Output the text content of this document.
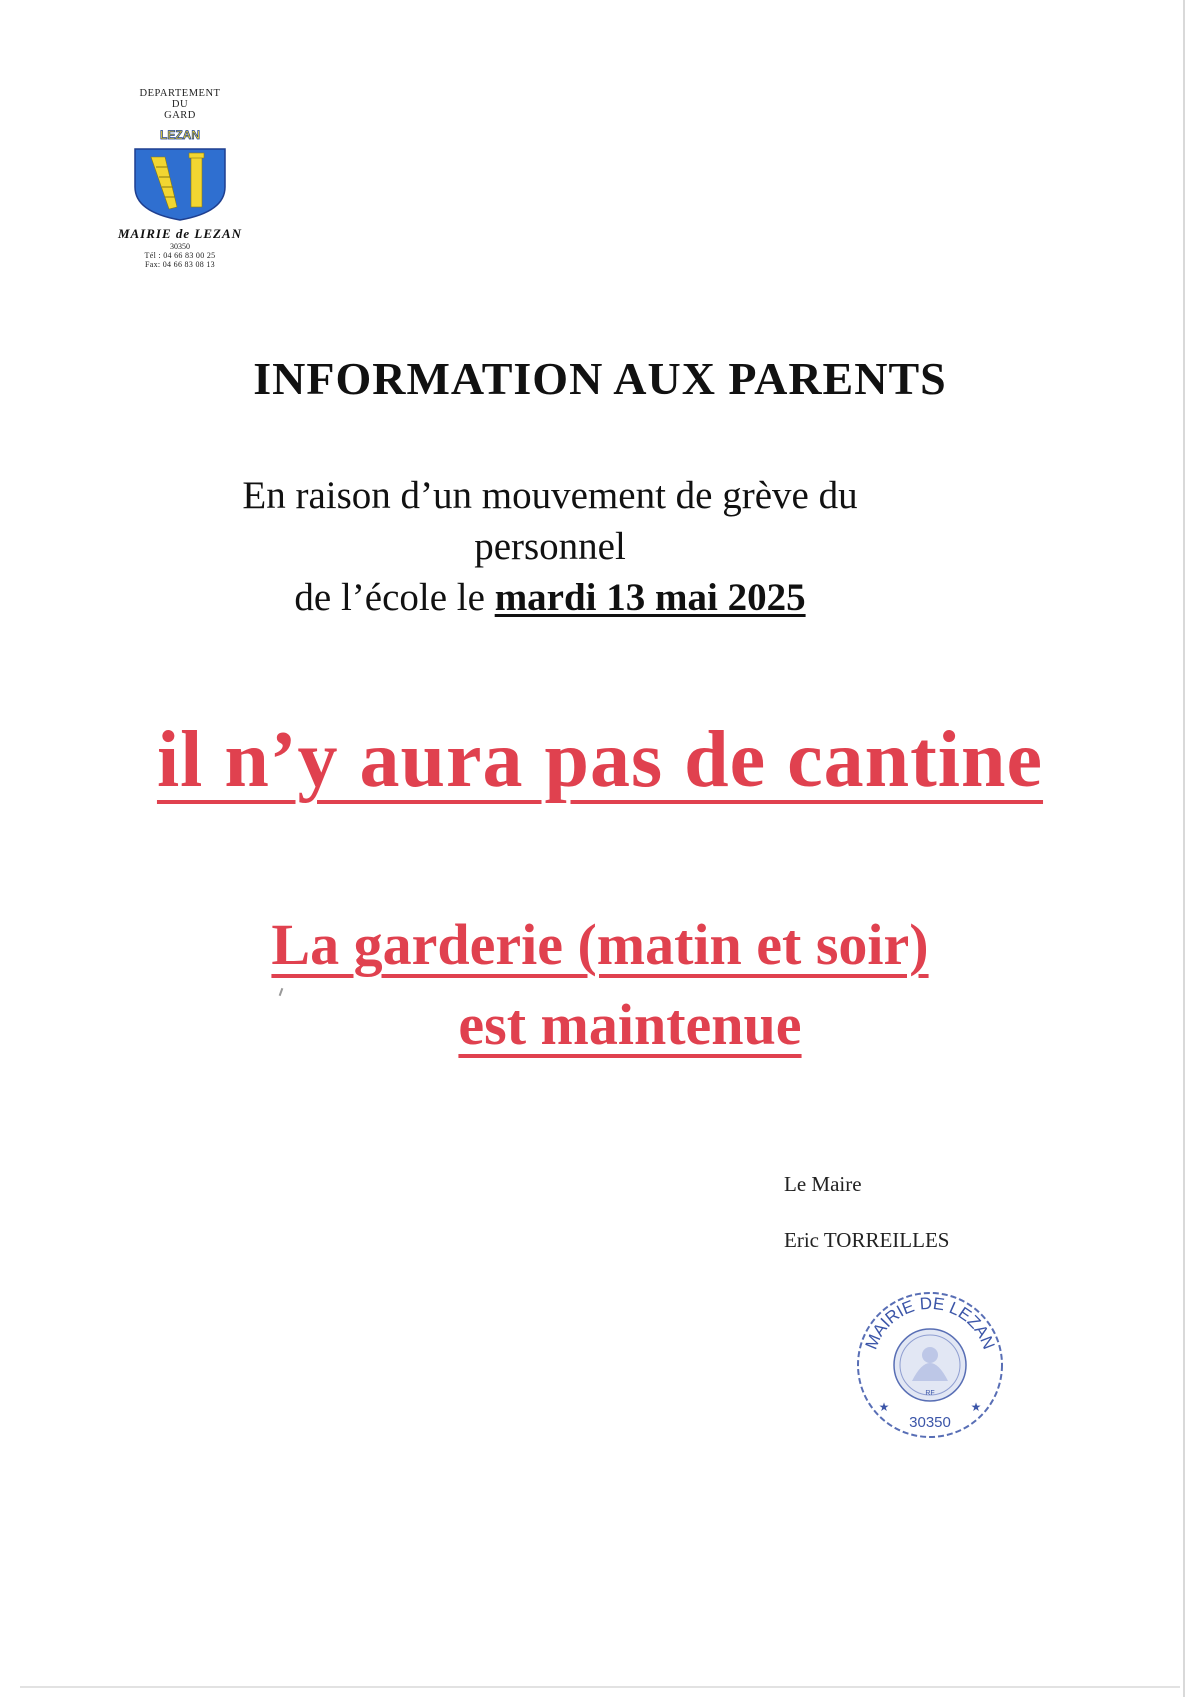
DEPARTEMENT
DU
GARD
LEZAN
MAIRIE de LEZAN
30350
Tél : 04 66 83 00 25
Fax: 04 66 83 08 13
INFORMATION AUX PARENTS
En raison d’un mouvement de grève du
personnel
de l’école le mardi 13 mai 2025
il n’y aura pas de cantine
La garderie (matin et soir)
est maintenue
Le Maire
Eric TORREILLES
MAIRIE DE LEZAN
RF
30350
★	★
